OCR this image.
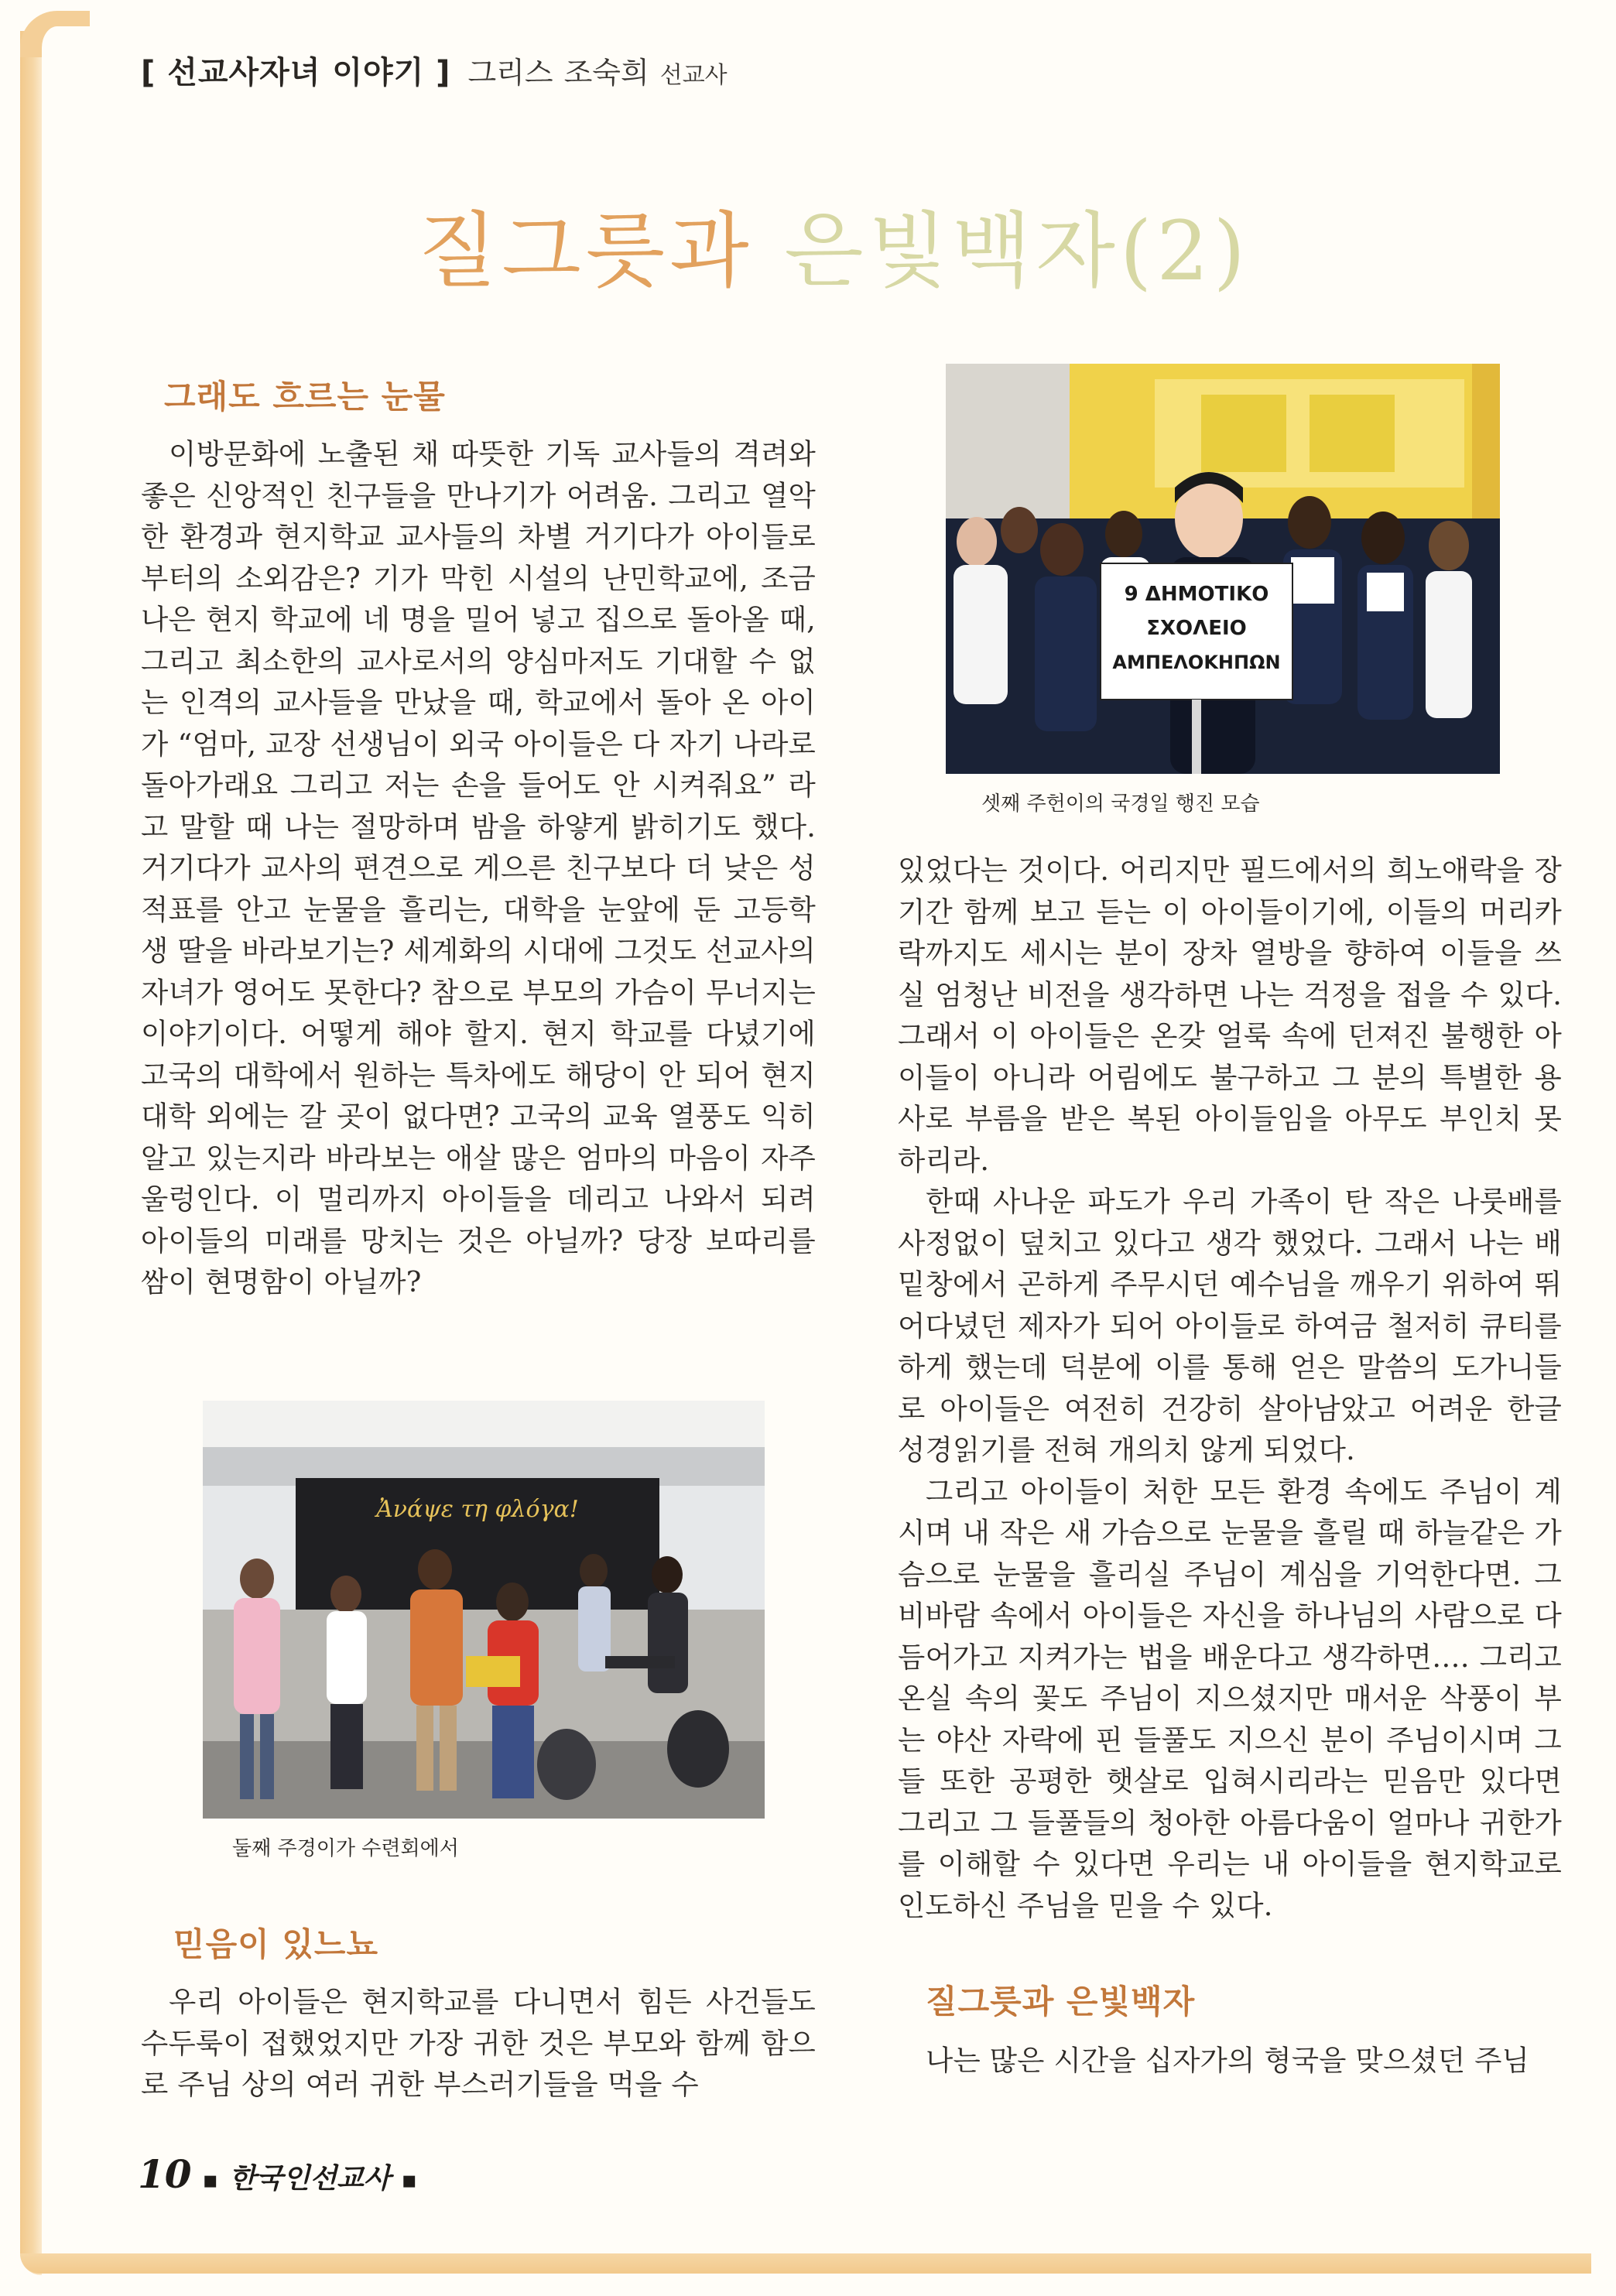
[ 선교사자녀 이야기 ] 그리스 조숙희 선교사
질그릇과 은빛백자(2)
그래도 흐르는 눈물

이방문화에 노출된 채 따뜻한 기독 교사들의 격려와 좋은 신앙적인 친구들을 만나기가 어려움. 그리고 열악한 환경과 현지학교 교사들의 차별 거기다가 아이들로부터의 소외감은? 기가 막힌 시설의 난민학교에, 조금 나은 현지 학교에 네 명을 밀어 넣고 집으로 돌아올 때, 그리고 최소한의 교사로서의 양심마저도 기대할 수 없는 인격의 교사들을 만났을 때, 학교에서 돌아 온 아이가 “엄마, 교장 선생님이 외국 아이들은 다 자기 나라로 돌아가래요 그리고 저는 손을 들어도 안 시켜줘요” 라고 말할 때 나는 절망하며 밤을 하얗게 밝히기도 했다. 거기다가 교사의 편견으로 게으른 친구보다 더 낮은 성적표를 안고 눈물을 흘리는, 대학을 눈앞에 둔 고등학생 딸을 바라보기는? 세계화의 시대에 그것도 선교사의 자녀가 영어도 못한다? 참으로 부모의 가슴이 무너지는 이야기이다. 어떻게 해야 할지. 현지 학교를 다녔기에 고국의 대학에서 원하는 특차에도 해당이 안 되어 현지 대학 외에는 갈 곳이 없다면? 고국의 교육 열풍도 익히 알고 있는지라 바라보는 애살 많은 엄마의 마음이 자주 울렁인다. 이 멀리까지 아이들을 데리고 나와서 되려 아이들의 미래를 망치는 것은 아닐까? 당장 보따리를 쌈이 현명함이 아닐까?

Ἀνάψε τη φλόγα!
둘째 주경이가 수련회에서
믿음이 있느뇨

우리 아이들은 현지학교를 다니면서 힘든 사건들도 수두룩이 접했었지만 가장 귀한 것은 부모와 함께 함으로 주님 상의 여러 귀한 부스러기들을 먹을 수

9 ΔΗΜΟΤΙΚΟ
ΣΧΟΛΕΙΟ
ΑΜΠΕΛΟΚΗΠΩΝ
셋째 주헌이의 국경일 행진 모습

있었다는 것이다. 어리지만 필드에서의 희노애락을 장기간 함께 보고 듣는 이 아이들이기에, 이들의 머리카락까지도 세시는 분이 장차 열방을 향하여 이들을 쓰실 엄청난 비전을 생각하면 나는 걱정을 접을 수 있다. 그래서 이 아이들은 온갖 얼룩 속에 던져진 불행한 아이들이 아니라 어림에도 불구하고 그 분의 특별한 용사로 부름을 받은 복된 아이들임을 아무도 부인치 못하리라.

한때 사나운 파도가 우리 가족이 탄 작은 나룻배를 사정없이 덮치고 있다고 생각 했었다. 그래서 나는 배 밑창에서 곤하게 주무시던 예수님을 깨우기 위하여 뛰어다녔던 제자가 되어 아이들로 하여금 철저히 큐티를 하게 했는데 덕분에 이를 통해 얻은 말씀의 도가니들로 아이들은 여전히 건강히 살아남았고 어려운 한글 성경읽기를 전혀 개의치 않게 되었다.

그리고 아이들이 처한 모든 환경 속에도 주님이 계시며 내 작은 새 가슴으로 눈물을 흘릴 때 하늘같은 가슴으로 눈물을 흘리실 주님이 계심을 기억한다면. 그 비바람 속에서 아이들은 자신을 하나님의 사람으로 다듬어가고 지켜가는 법을 배운다고 생각하면…. 그리고 온실 속의 꽃도 주님이 지으셨지만 매서운 삭풍이 부는 야산 자락에 핀 들풀도 지으신 분이 주님이시며 그들 또한 공평한 햇살로 입혀시리라는 믿음만 있다면 그리고 그 들풀들의 청아한 아름다움이 얼마나 귀한가를 이해할 수 있다면 우리는 내 아이들을 현지학교로 인도하신 주님을 믿을 수 있다.

질그릇과 은빛백자

나는 많은 시간을 십자가의 형국을 맞으셨던 주님

10 ▪ 한국인선교사 ▪
